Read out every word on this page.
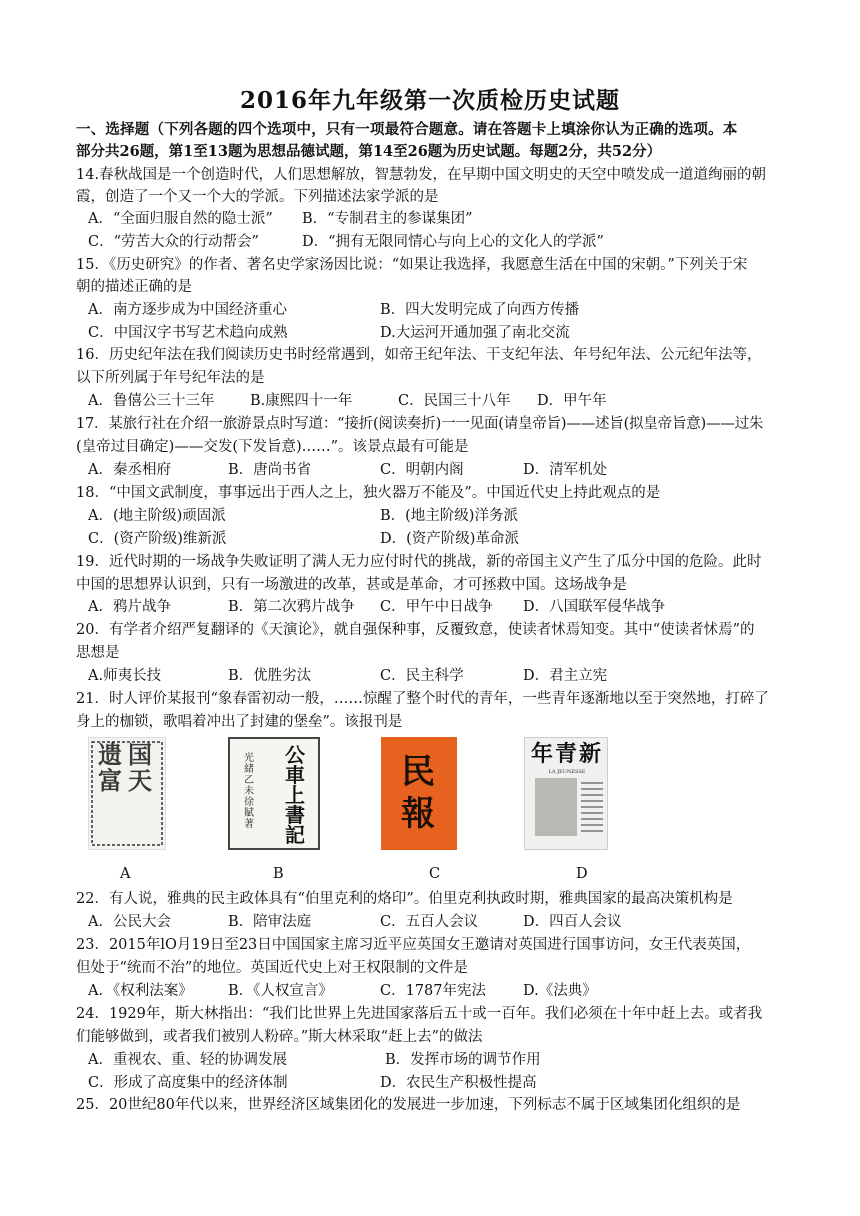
2016年九年级第一次质检历史试题
一、选择题（下列各题的四个选项中，只有一项最符合题意。请在答题卡上填涂你认为正确的选项。本
部分共26题，第1至13题为思想品德试题，第14至26题为历史试题。每题2分，共52分）
14.春秋战国是一个创造时代，人们思想解放，智慧勃发，在早期中国文明史的天空中喷发成一道道绚丽的朝
霞，创造了一个又一个大的学派。下列描述法家学派的是
A．“全面归服自然的隐士派” B．“专制君主的参谋集团”
C．“劳苦大众的行动帮会”	D．“拥有无限同情心与向上心的文化人的学派”
15．《历史研究》的作者、著名史学家汤因比说：“如果让我选择，我愿意生活在中国的宋朝。”下列关于宋
朝的描述正确的是
A．南方逐步成为中国经济重心	B．四大发明完成了向西方传播
C．中国汉字书写艺术趋向成熟	D.大运河开通加强了南北交流
16．历史纪年法在我们阅读历史书时经常遇到，如帝王纪年法、干支纪年法、年号纪年法、公元纪年法等，
以下所列属于年号纪年法的是
A．鲁僖公三十三年 B.康熙四十一年	C．民国三十八年 D．甲午年
17．某旅行社在介绍一旅游景点时写道：“接折(阅读奏折)一一见面(请皇帝旨)——述旨(拟皇帝旨意)——过朱
(皇帝过目确定)——交发(下发旨意)……”。该景点最有可能是
A．秦丞相府	B．唐尚书省	C．明朝内阁	D．清军机处
18．“中国文武制度，事事远出于西人之上，独火器万不能及”。中国近代史上持此观点的是
A．(地主阶级)顽固派	B．(地主阶级)洋务派
C．(资产阶级)维新派	D．(资产阶级)革命派
19．近代时期的一场战争失败证明了满人无力应付时代的挑战，新的帝国主义产生了瓜分中国的危险。此时
中国的思想界认识到，只有一场激进的改革，甚或是革命，才可拯救中国。这场战争是
A．鸦片战争	B．第二次鸦片战争 C．甲午中日战争 D．八国联军侵华战争
20．有学者介绍严复翻译的《天演论》，就自强保种事，反覆致意，使读者怵焉知变。其中“使读者怵焉”的
思想是
A.师夷长技	B．优胜劣汰	C．民主科学	D．君主立宪
21．时人评价某报刊“象春雷初动一般，……惊醒了整个时代的青年，一些青年逐渐地以至于突然地，打碎了
身上的枷锁，歌唱着冲出了封建的堡垒”。该报刊是
遗国富天
公車上書記
光緒乙未徐賦著
民報
年青新
LA JEUNESSE
A	B	C	D
22．有人说，雅典的民主政体具有“伯里克利的烙印”。伯里克利执政时期，雅典国家的最高决策机构是
A．公民大会	B．陪审法庭	C．五百人会议	D．四百人会议
23．2015年lO月19日至23日中国国家主席习近平应英国女王邀请对英国进行国事访问，女王代表英国，
但处于“统而不治”的地位。英国近代史上对王权限制的文件是
A．《权利法案》 B．《人权宣言》	C．1787年宪法	D.《法典》
24．1929年，斯大林指出：“我们比世界上先进国家落后五十或一百年。我们必须在十年中赶上去。或者我
们能够做到，或者我们被别人粉碎。”斯大林采取“赶上去”的做法
A．重视农、重、轻的协调发展	B．发挥市场的调节作用
C．形成了高度集中的经济体制	D．农民生产积极性提高
25．20世纪80年代以来，世界经济区域集团化的发展进一步加速，下列标志不属于区域集团化组织的是
